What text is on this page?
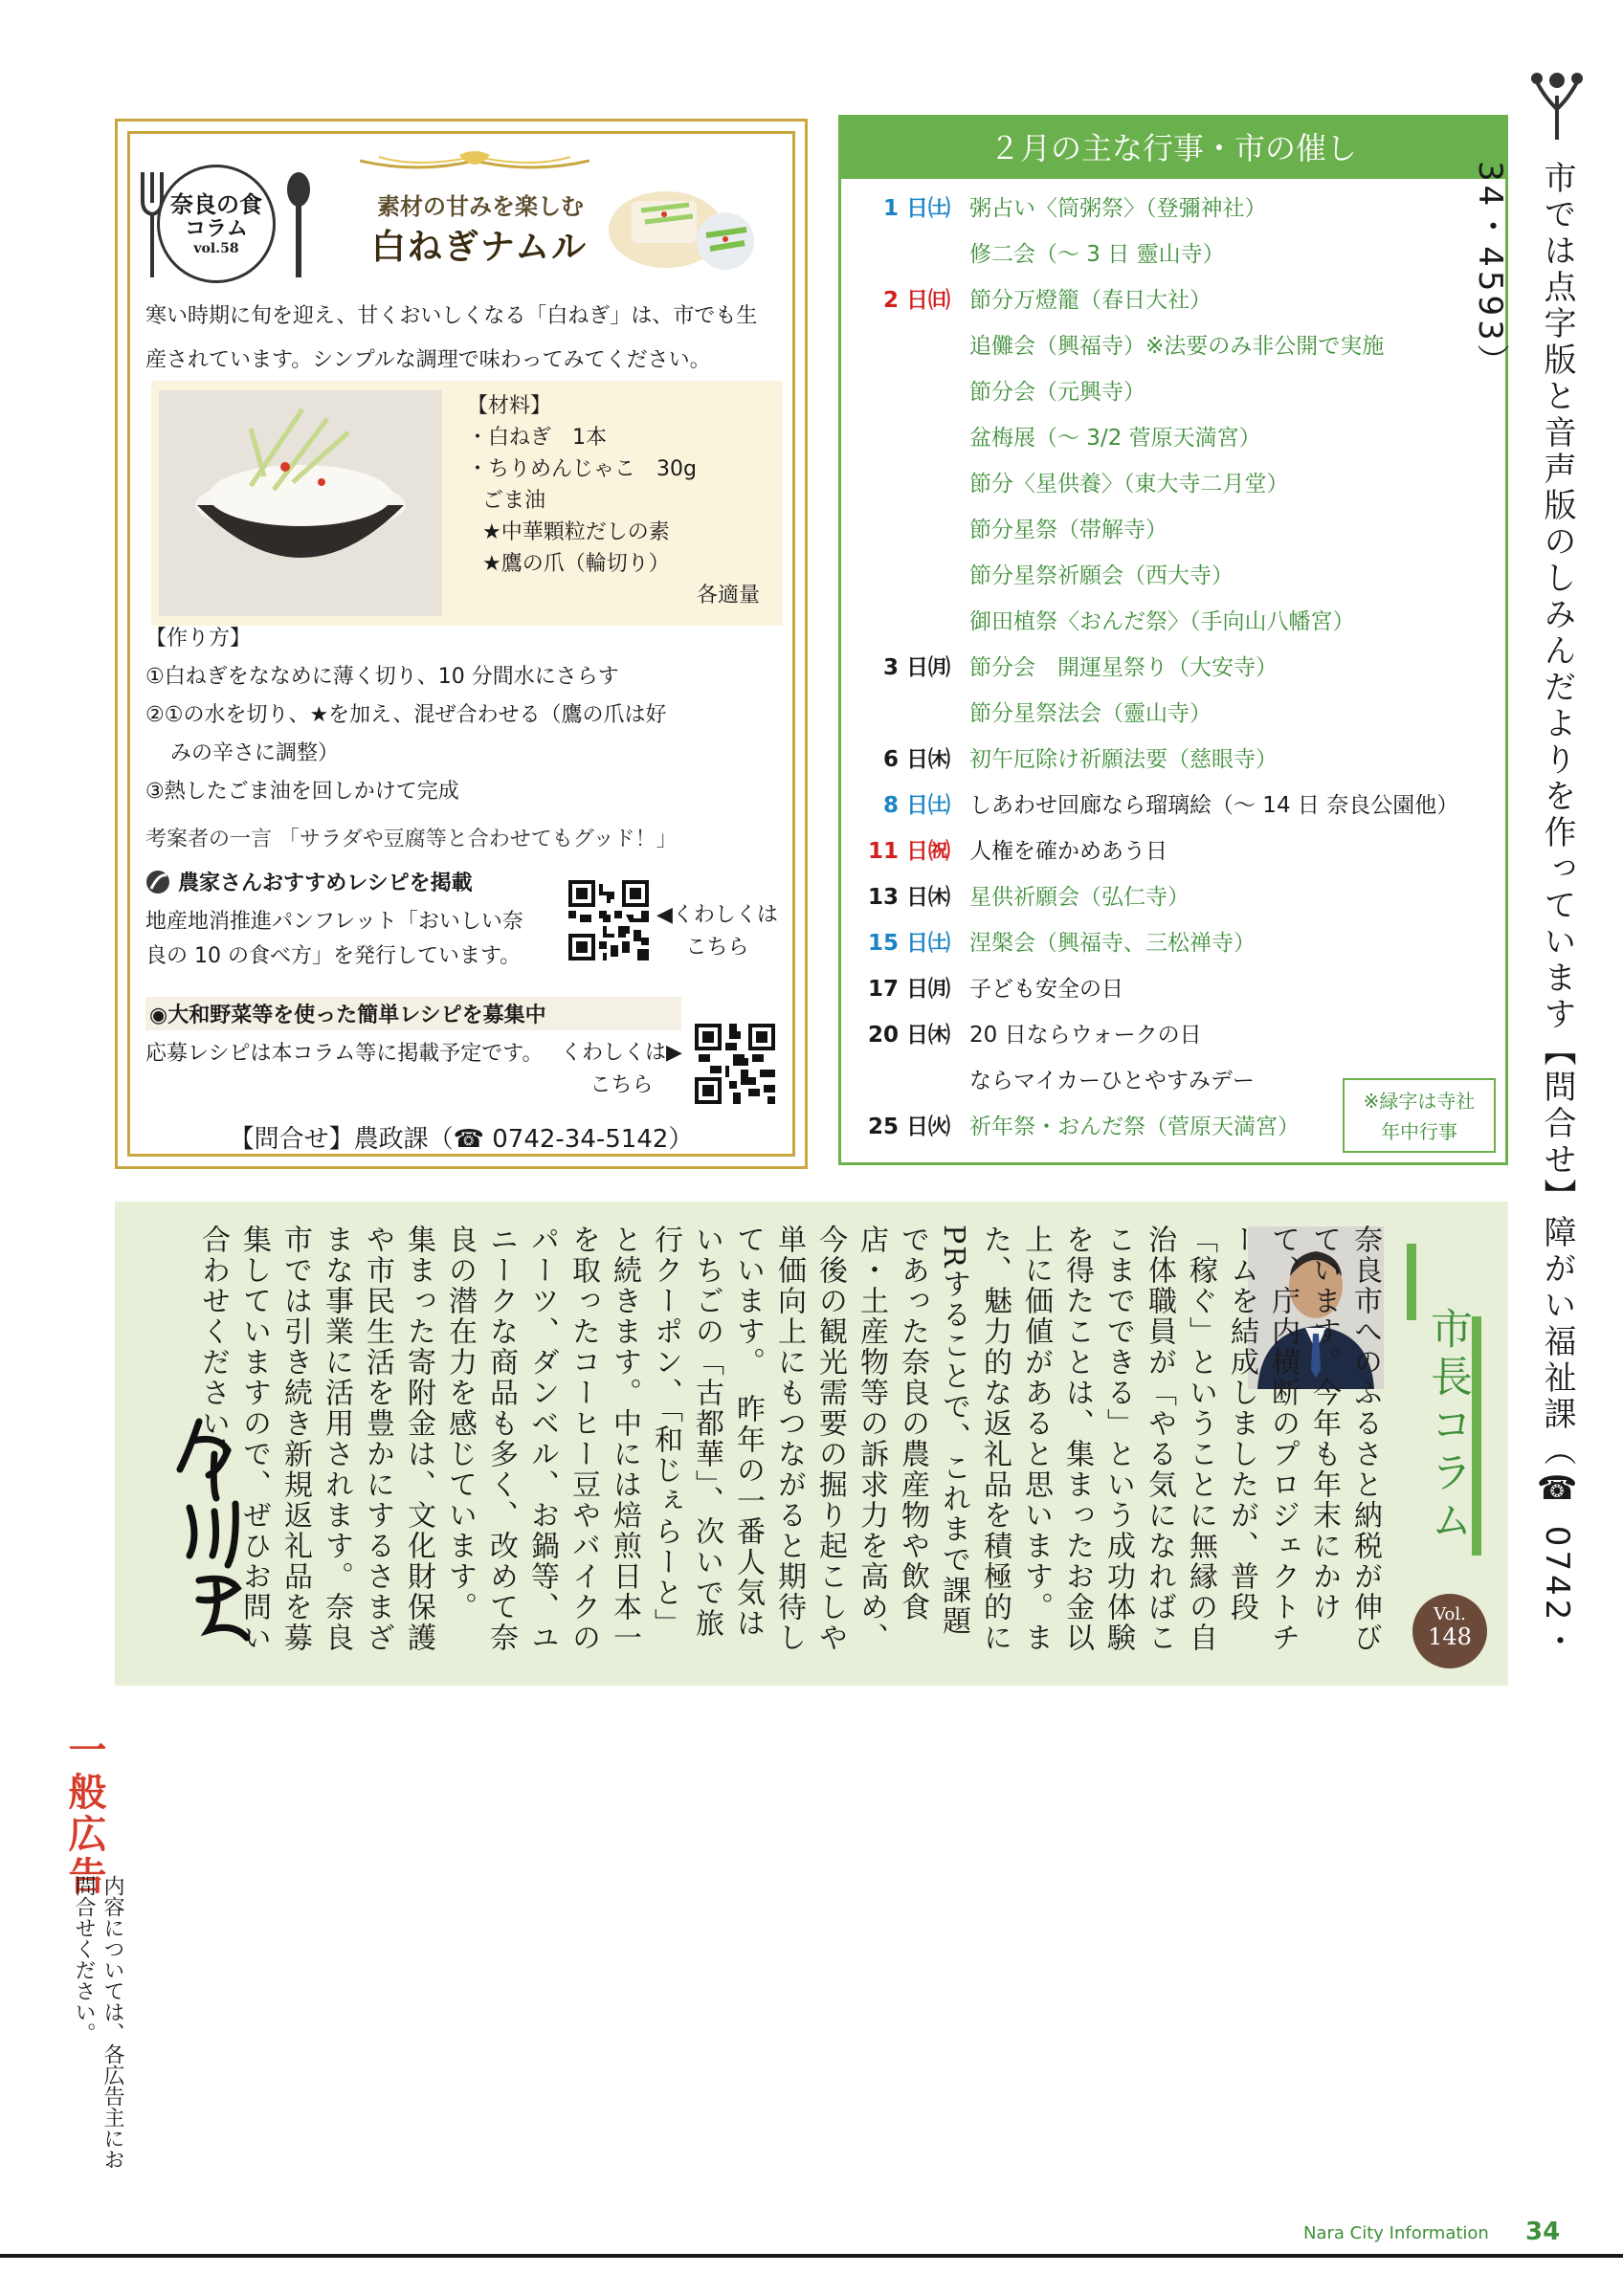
奈良の食
コラム
vol.58
素材の甘みを楽しむ
白ねぎナムル
寒い時期に旬を迎え、甘くおいしくなる「白ねぎ」は、市でも生産されています。シンプルな調理で味わってみてください。
【材料】
・白ねぎ　1本
・ちりめんじゃこ　30g
ごま油
★中華顆粒だしの素
★鷹の爪（輪切り）
各適量
【作り方】
①白ねぎをななめに薄く切り、10 分間水にさらす
②①の水を切り、★を加え、混ぜ合わせる（鷹の爪は好
みの辛さに調整）
③熱したごま油を回しかけて完成
考案者の一言 「サラダや豆腐等と合わせてもグッド！」
農家さんおすすめレシピを掲載
地産地消推進パンフレット「おいしい奈良の 10 の食べ方」を発行しています。
◀くわしくは
こちら
◉大和野菜等を使った簡単レシピを募集中
応募レシピは本コラム等に掲載予定です。 くわしくは▶
こちら
【問合せ】農政課（☎ 0742-34-5142）
２月の主な行事・市の催し
1 日㈯ 粥占い〈筒粥祭〉（登彌神社）
修二会（～ 3 日 靈山寺）
2 日㈰ 節分万燈籠（春日大社）
追儺会（興福寺）※法要のみ非公開で実施
節分会（元興寺）
盆梅展（～ 3/2 菅原天満宮）
節分〈星供養〉（東大寺二月堂）
節分星祭（帯解寺）
節分星祭祈願会（西大寺）
御田植祭〈おんだ祭〉（手向山八幡宮）
3 日㈪ 節分会　開運星祭り（大安寺）
節分星祭法会（靈山寺）
6 日㈭ 初午厄除け祈願法要（慈眼寺）
8 日㈯ しあわせ回廊なら瑠璃絵（～ 14 日 奈良公園他）
11 日㈷ 人権を確かめあう日
13 日㈭ 星供祈願会（弘仁寺）
15 日㈯ 涅槃会（興福寺、三松禅寺）
17 日㈪ 子ども安全の日
20 日㈭ 20 日ならウォークの日
ならマイカーひとやすみデー
25 日㈫ 祈年祭・おんだ祭（菅原天満宮）
※緑字は寺社
年中行事	市では点字版と音声版のしみんだよりを作っています【問合せ】障がい福祉課（☎ 0742・34・4593）
市長コラム
Vol.
148
奈良市へのふるさと納税が伸びています。今年も年末にかけて、庁内横断のプロジェクトチームを結成しましたが、普段「稼ぐ」ということに無縁の自治体職員が「やる気になればここまでできる」という成功体験を得たことは、集まったお金以上に価値があると思います。また、魅力的な返礼品を積極的にPRすることで、これまで課題であった奈良の農産物や飲食店・土産物等の訴求力を高め、今後の観光需要の掘り起こしや単価向上にもつながると期待しています。　昨年の一番人気はいちごの「古都華」、次いで旅行クーポン、「和じぇらーと」と続きます。中には焙煎日本一を取ったコーヒー豆やバイクのパーツ、ダンベル、お鍋等、ユニークな商品も多く、改めて奈良の潜在力を感じています。　集まった寄附金は、文化財保護や市民生活を豊かにするさまざまな事業に活用されます。奈良市では引き続き新規返礼品を募集していますので、ぜひお問い合わせください！
一般広告
内容については、各広告主にお問合せください。
Nara City Information 34
